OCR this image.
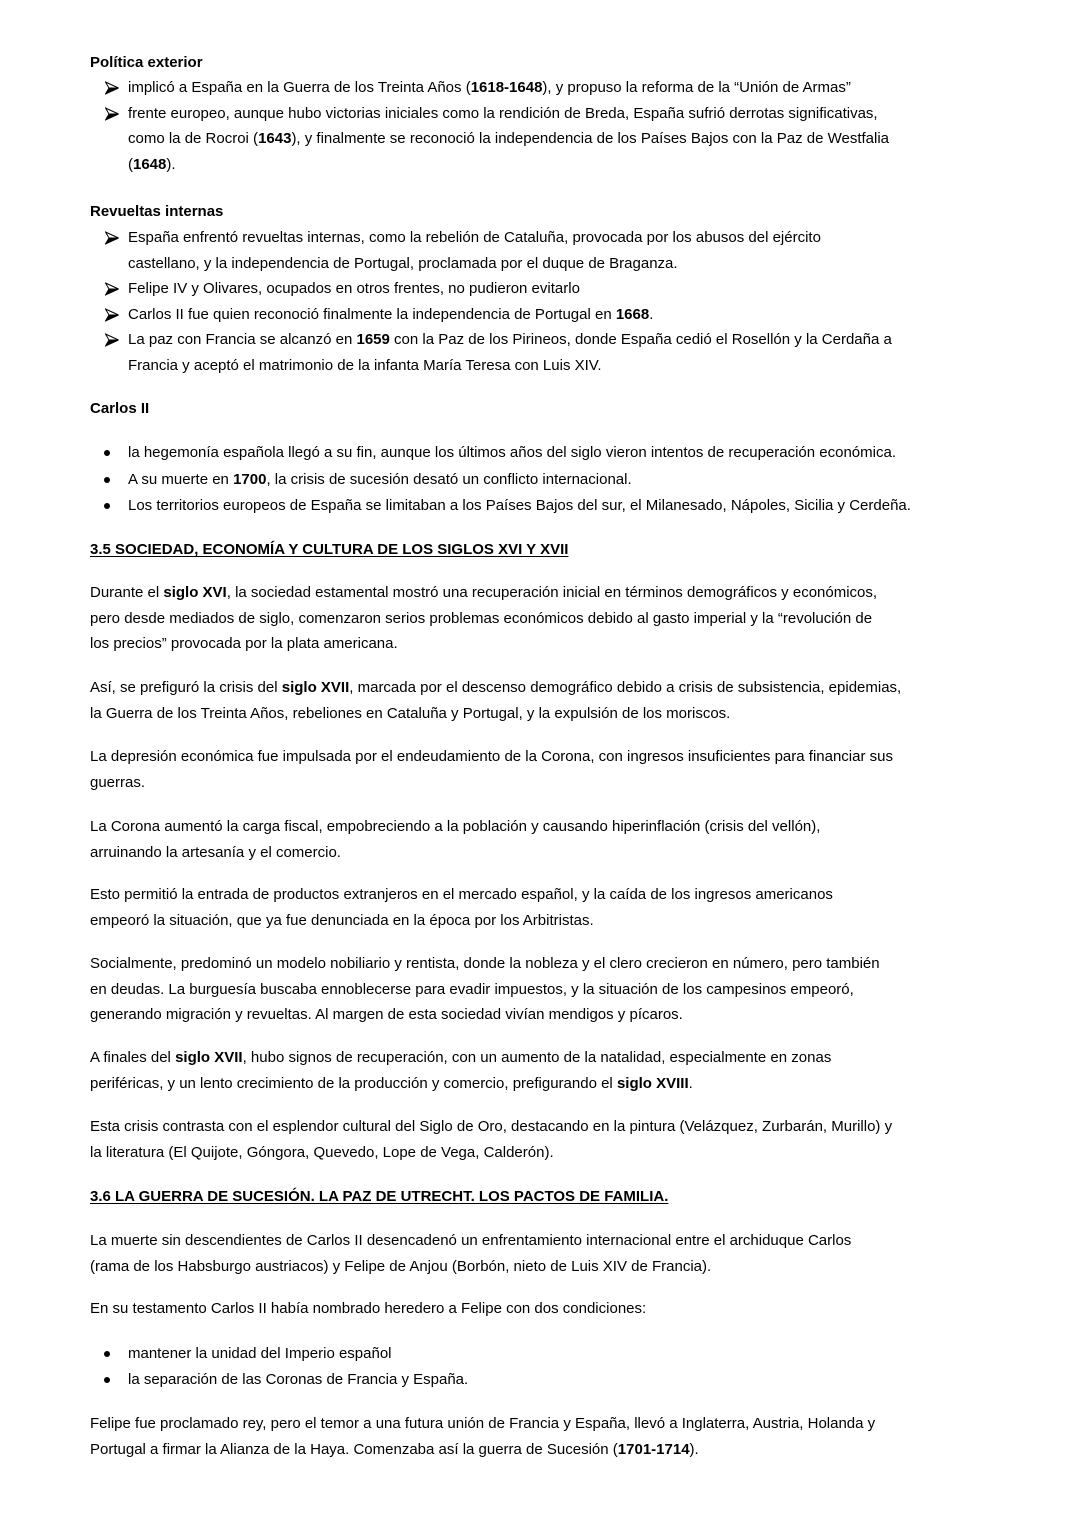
Política exterior
implicó a España en la Guerra de los Treinta Años (1618-1648), y propuso la reforma de la “Unión de Armas”
frente europeo, aunque hubo victorias iniciales como la rendición de Breda, España sufrió derrotas significativas,
como la de Rocroi (1643), y finalmente se reconoció la independencia de los Países Bajos con la Paz de Westfalia
(1648).
Revueltas internas
España enfrentó revueltas internas, como la rebelión de Cataluña, provocada por los abusos del ejército
castellano, y la independencia de Portugal, proclamada por el duque de Braganza.
Felipe IV y Olivares, ocupados en otros frentes, no pudieron evitarlo
Carlos II fue quien reconoció finalmente la independencia de Portugal en 1668.
La paz con Francia se alcanzó en 1659 con la Paz de los Pirineos, donde España cedió el Rosellón y la Cerdaña a
Francia y aceptó el matrimonio de la infanta María Teresa con Luis XIV.
Carlos II
la hegemonía española llegó a su fin, aunque los últimos años del siglo vieron intentos de recuperación económica.
A su muerte en 1700, la crisis de sucesión desató un conflicto internacional.
Los territorios europeos de España se limitaban a los Países Bajos del sur, el Milanesado, Nápoles, Sicilia y Cerdeña.
3.5 SOCIEDAD, ECONOMÍA Y CULTURA DE LOS SIGLOS XVI Y XVII
Durante el siglo XVI, la sociedad estamental mostró una recuperación inicial en términos demográficos y económicos,
pero desde mediados de siglo, comenzaron serios problemas económicos debido al gasto imperial y la “revolución de
los precios” provocada por la plata americana.
Así, se prefiguró la crisis del siglo XVII, marcada por el descenso demográfico debido a crisis de subsistencia, epidemias,
la Guerra de los Treinta Años, rebeliones en Cataluña y Portugal, y la expulsión de los moriscos.
La depresión económica fue impulsada por el endeudamiento de la Corona, con ingresos insuficientes para financiar sus
guerras.
La Corona aumentó la carga fiscal, empobreciendo a la población y causando hiperinflación (crisis del vellón),
arruinando la artesanía y el comercio.
Esto permitió la entrada de productos extranjeros en el mercado español, y la caída de los ingresos americanos
empeoró la situación, que ya fue denunciada en la época por los Arbitristas.
Socialmente, predominó un modelo nobiliario y rentista, donde la nobleza y el clero crecieron en número, pero también
en deudas. La burguesía buscaba ennoblecerse para evadir impuestos, y la situación de los campesinos empeoró,
generando migración y revueltas. Al margen de esta sociedad vivían mendigos y pícaros.
A finales del siglo XVII, hubo signos de recuperación, con un aumento de la natalidad, especialmente en zonas
periféricas, y un lento crecimiento de la producción y comercio, prefigurando el siglo XVIII.
Esta crisis contrasta con el esplendor cultural del Siglo de Oro, destacando en la pintura (Velázquez, Zurbarán, Murillo) y
la literatura (El Quijote, Góngora, Quevedo, Lope de Vega, Calderón).
3.6 LA GUERRA DE SUCESIÓN. LA PAZ DE UTRECHT. LOS PACTOS DE FAMILIA.
La muerte sin descendientes de Carlos II desencadenó un enfrentamiento internacional entre el archiduque Carlos
(rama de los Habsburgo austriacos) y Felipe de Anjou (Borbón, nieto de Luis XIV de Francia).
En su testamento Carlos II había nombrado heredero a Felipe con dos condiciones:
mantener la unidad del Imperio español
la separación de las Coronas de Francia y España.
Felipe fue proclamado rey, pero el temor a una futura unión de Francia y España, llevó a Inglaterra, Austria, Holanda y
Portugal a firmar la Alianza de la Haya. Comenzaba así la guerra de Sucesión (1701-1714).
